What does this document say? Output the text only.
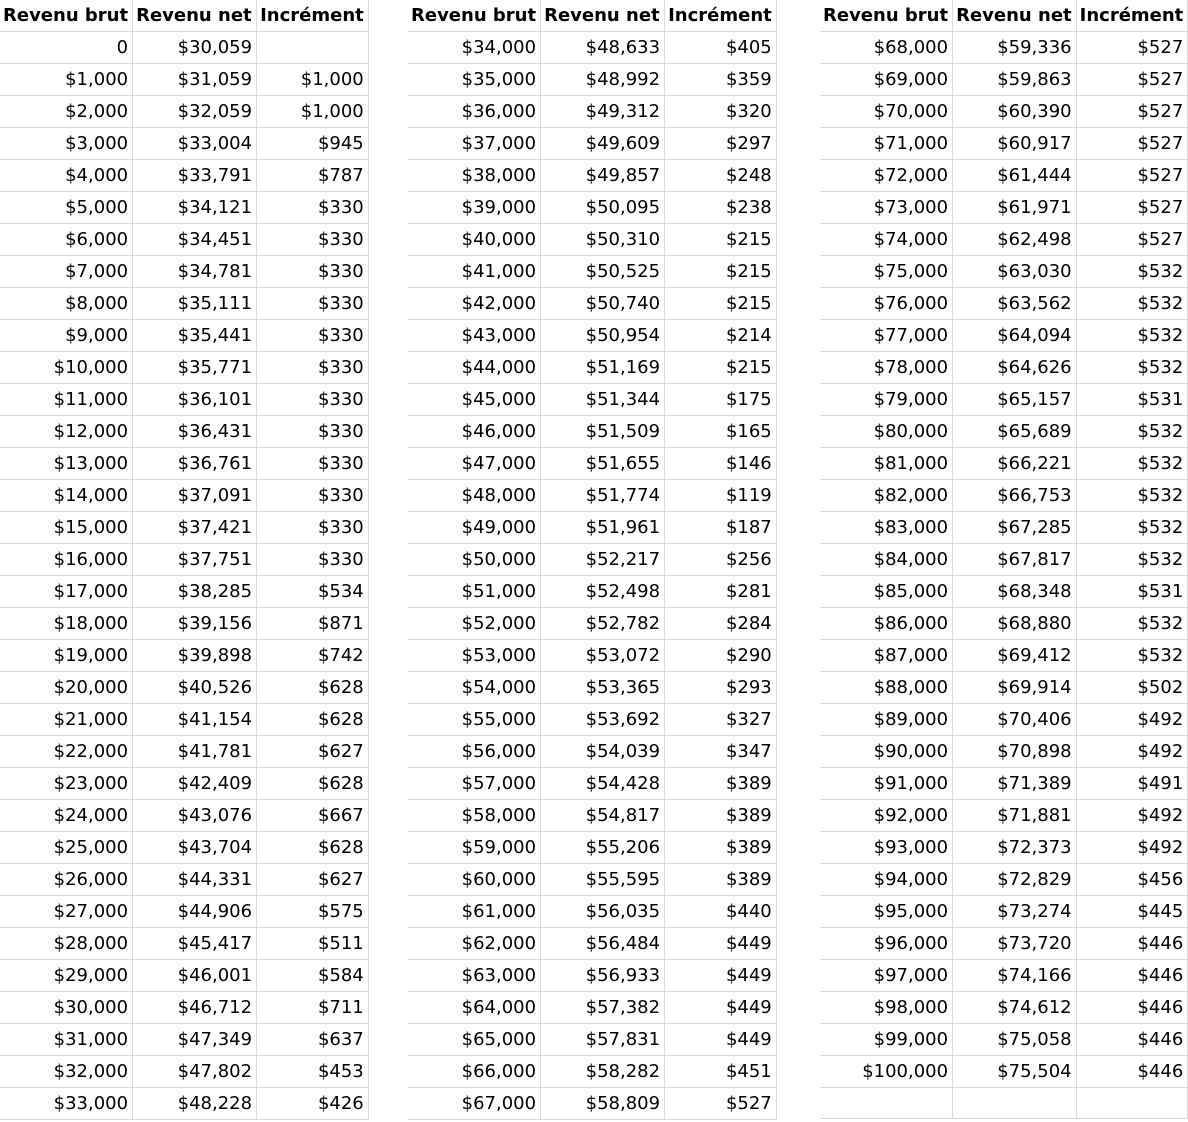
Revenu brut	Revenu net	Incrément
0	$30,059	
$1,000	$31,059	$1,000
$2,000	$32,059	$1,000
$3,000	$33,004	$945
$4,000	$33,791	$787
$5,000	$34,121	$330
$6,000	$34,451	$330
$7,000	$34,781	$330
$8,000	$35,111	$330
$9,000	$35,441	$330
$10,000	$35,771	$330
$11,000	$36,101	$330
$12,000	$36,431	$330
$13,000	$36,761	$330
$14,000	$37,091	$330
$15,000	$37,421	$330
$16,000	$37,751	$330
$17,000	$38,285	$534
$18,000	$39,156	$871
$19,000	$39,898	$742
$20,000	$40,526	$628
$21,000	$41,154	$628
$22,000	$41,781	$627
$23,000	$42,409	$628
$24,000	$43,076	$667
$25,000	$43,704	$628
$26,000	$44,331	$627
$27,000	$44,906	$575
$28,000	$45,417	$511
$29,000	$46,001	$584
$30,000	$46,712	$711
$31,000	$47,349	$637
$32,000	$47,802	$453
$33,000	$48,228	$426
Revenu brut	Revenu net	Incrément
$34,000	$48,633	$405
$35,000	$48,992	$359
$36,000	$49,312	$320
$37,000	$49,609	$297
$38,000	$49,857	$248
$39,000	$50,095	$238
$40,000	$50,310	$215
$41,000	$50,525	$215
$42,000	$50,740	$215
$43,000	$50,954	$214
$44,000	$51,169	$215
$45,000	$51,344	$175
$46,000	$51,509	$165
$47,000	$51,655	$146
$48,000	$51,774	$119
$49,000	$51,961	$187
$50,000	$52,217	$256
$51,000	$52,498	$281
$52,000	$52,782	$284
$53,000	$53,072	$290
$54,000	$53,365	$293
$55,000	$53,692	$327
$56,000	$54,039	$347
$57,000	$54,428	$389
$58,000	$54,817	$389
$59,000	$55,206	$389
$60,000	$55,595	$389
$61,000	$56,035	$440
$62,000	$56,484	$449
$63,000	$56,933	$449
$64,000	$57,382	$449
$65,000	$57,831	$449
$66,000	$58,282	$451
$67,000	$58,809	$527
Revenu brut	Revenu net	Incrément
$68,000	$59,336	$527
$69,000	$59,863	$527
$70,000	$60,390	$527
$71,000	$60,917	$527
$72,000	$61,444	$527
$73,000	$61,971	$527
$74,000	$62,498	$527
$75,000	$63,030	$532
$76,000	$63,562	$532
$77,000	$64,094	$532
$78,000	$64,626	$532
$79,000	$65,157	$531
$80,000	$65,689	$532
$81,000	$66,221	$532
$82,000	$66,753	$532
$83,000	$67,285	$532
$84,000	$67,817	$532
$85,000	$68,348	$531
$86,000	$68,880	$532
$87,000	$69,412	$532
$88,000	$69,914	$502
$89,000	$70,406	$492
$90,000	$70,898	$492
$91,000	$71,389	$491
$92,000	$71,881	$492
$93,000	$72,373	$492
$94,000	$72,829	$456
$95,000	$73,274	$445
$96,000	$73,720	$446
$97,000	$74,166	$446
$98,000	$74,612	$446
$99,000	$75,058	$446
$100,000	$75,504	$446
